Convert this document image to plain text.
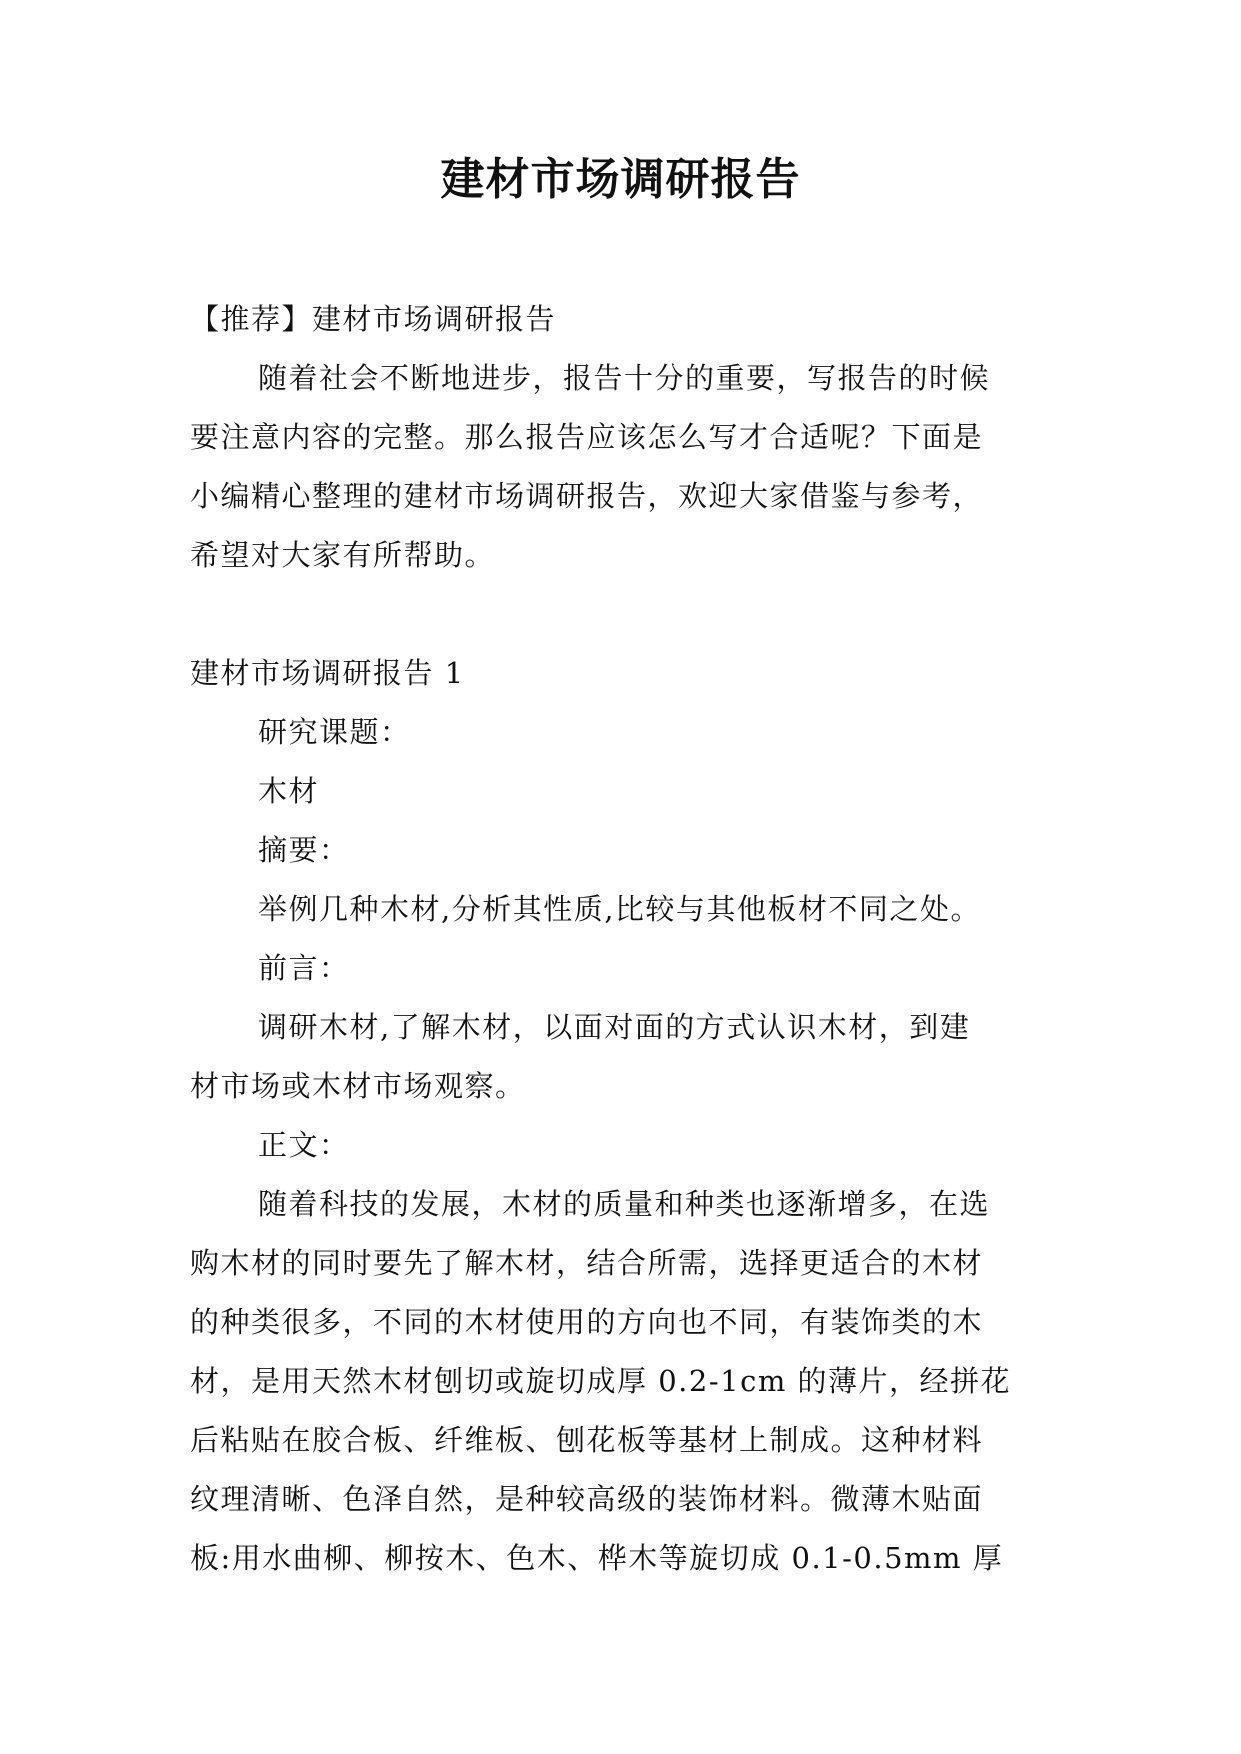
建材市场调研报告
【推荐】建材市场调研报告
随着社会不断地进步，报告十分的重要，写报告的时候
要注意内容的完整。那么报告应该怎么写才合适呢？下面是
小编精心整理的建材市场调研报告，欢迎大家借鉴与参考，
希望对大家有所帮助。
建材市场调研报告 1
研究课题：
木材
摘要：
举例几种木材,分析其性质,比较与其他板材不同之处。
前言：
调研木材,了解木材，以面对面的方式认识木材，到建
材市场或木材市场观察。
正文：
随着科技的发展，木材的质量和种类也逐渐增多，在选
购木材的同时要先了解木材，结合所需，选择更适合的木材
的种类很多，不同的木材使用的方向也不同，有装饰类的木
材，是用天然木材刨切或旋切成厚 0.2-1cm 的薄片，经拼花
后粘贴在胶合板、纤维板、刨花板等基材上制成。这种材料
纹理清晰、色泽自然，是种较高级的装饰材料。微薄木贴面
板:用水曲柳、柳按木、色木、桦木等旋切成 0.1-0.5mm 厚
